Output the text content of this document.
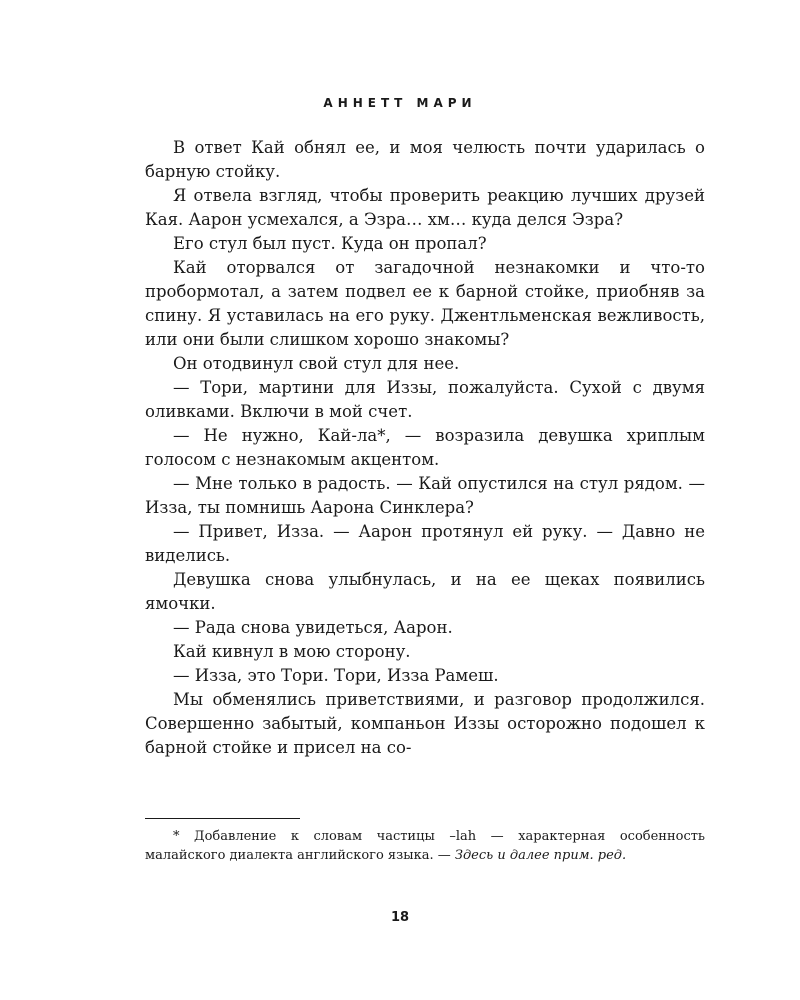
АННЕТТ МАРИ

В ответ Кай обнял ее, и моя челюсть почти ударилась о барную стойку.

Я отвела взгляд, чтобы проверить реакцию лучших друзей Кая. Аарон усмехался, а Эзра… хм… куда делся Эзра?

Его стул был пуст. Куда он пропал?

Кай оторвался от загадочной незнакомки и что-то пробормотал, а затем подвел ее к барной стойке, приобняв за спину. Я уставилась на его руку. Джентльменская вежливость, или они были слишком хорошо знакомы?

Он отодвинул свой стул для нее.

— Тори, мартини для Иззы, пожалуйста. Сухой с двумя оливками. Включи в мой счет.

— Не нужно, Кай-ла*, — возразила девушка хриплым голосом с незнакомым акцентом.

— Мне только в радость. — Кай опустился на стул рядом. — Изза, ты помнишь Аарона Синклера?

— Привет, Изза. — Аарон протянул ей руку. — Давно не виделись.

Девушка снова улыбнулась, и на ее щеках появились ямочки.

— Рада снова увидеться, Аарон.

Кай кивнул в мою сторону.

— Изза, это Тори. Тори, Изза Рамеш.

Мы обменялись приветствиями, и разговор продолжился. Совершенно забытый, компаньон Иззы осторожно подошел к барной стойке и присел на со-

* Добавление к словам частицы –lah — характерная особенность малайского диалекта английского языка. — Здесь и далее прим. ред.

18
